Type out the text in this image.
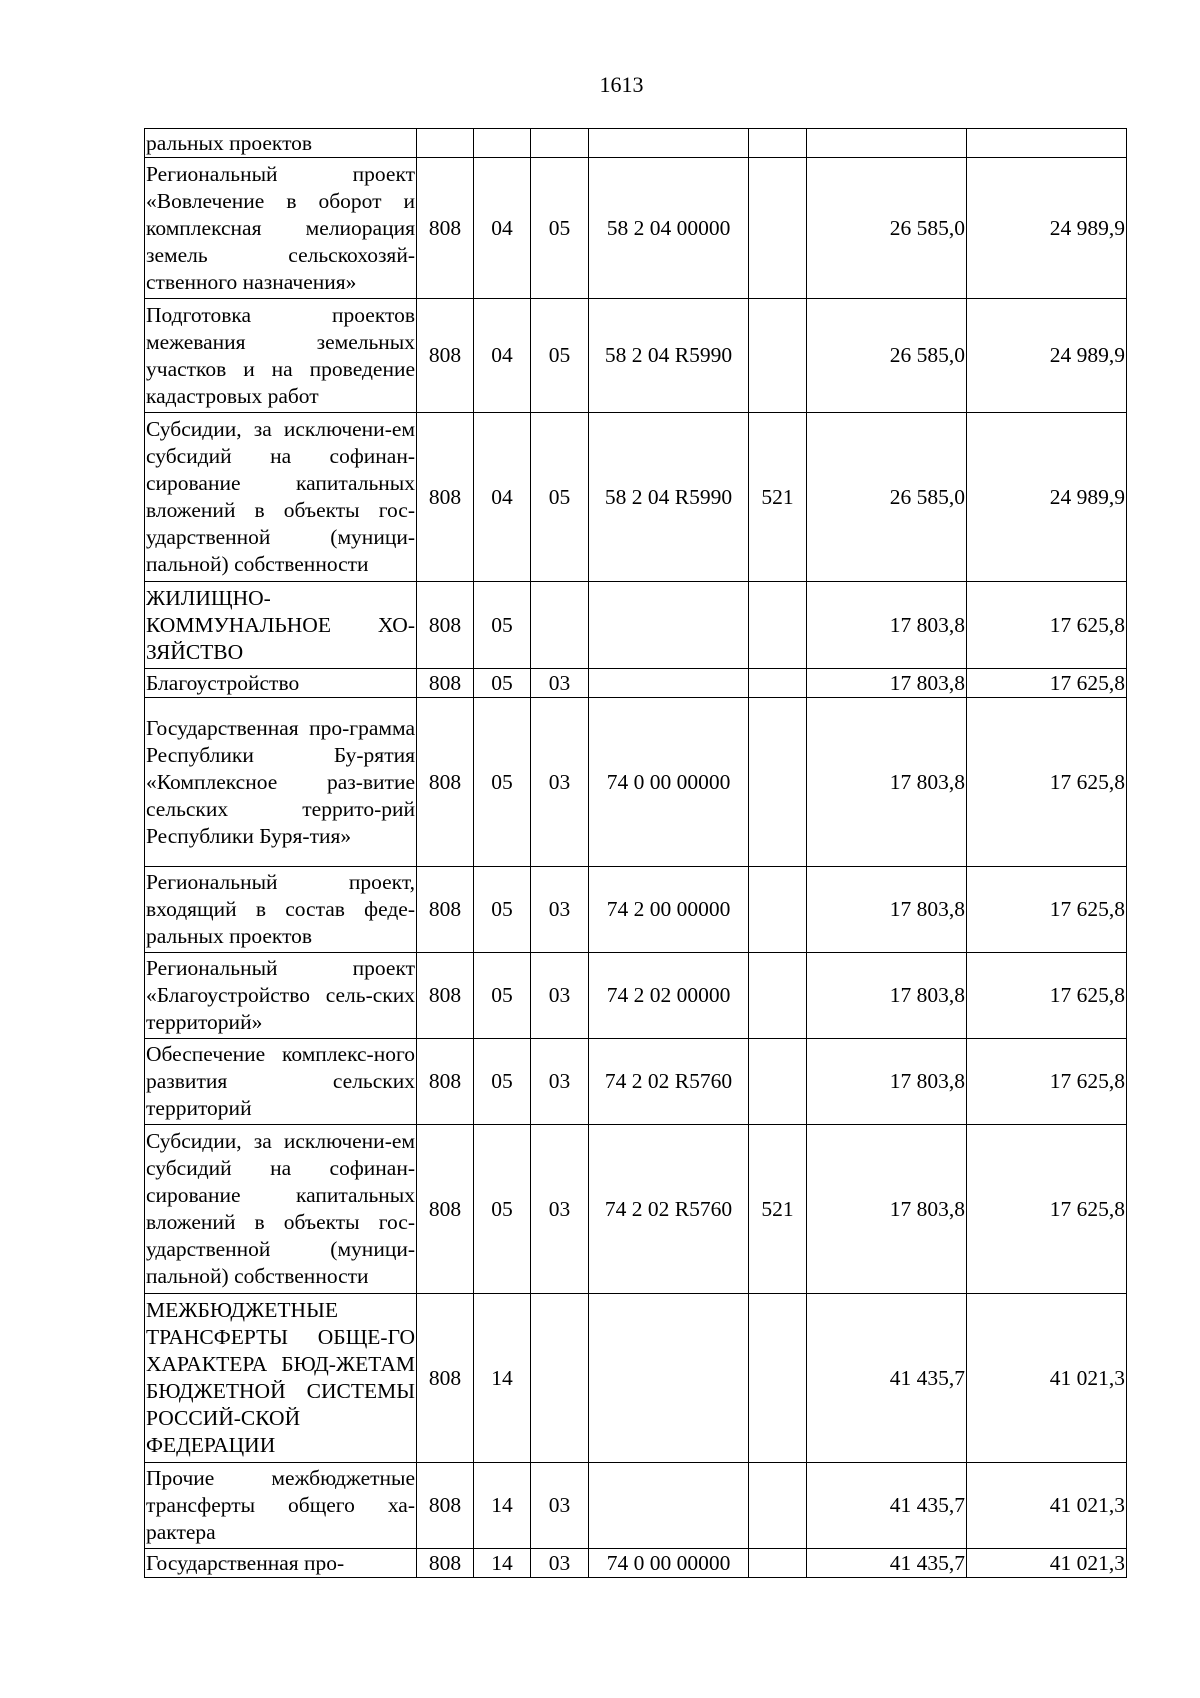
1613
ральных проектов							
Региональный проект «Вовлечение в оборот и комплексная мелиорация земель сельскохозяй-ственного назначения»	808	04	05	58 2 04 00000		26 585,0	24 989,9
Подготовка проектов межевания земельных участков и на проведение кадастровых работ	808	04	05	58 2 04 R5990		26 585,0	24 989,9
Субсидии, за исключени-ем субсидий на софинан-сирование капитальных вложений в объекты гос-ударственной (муници-пальной) собственности	808	04	05	58 2 04 R5990	521	26 585,0	24 989,9
ЖИЛИЩНО-КОММУНАЛЬНОЕ ХО-ЗЯЙСТВО	808	05				17 803,8	17 625,8
Благоустройство	808	05	03			17 803,8	17 625,8
Государственная про-грамма Республики Бу-рятия «Комплексное раз-витие сельских террито-рий Республики Буря-тия»	808	05	03	74 0 00 00000		17 803,8	17 625,8
Региональный проект, входящий в состав феде-ральных проектов	808	05	03	74 2 00 00000		17 803,8	17 625,8
Региональный проект «Благоустройство сель-ских территорий»	808	05	03	74 2 02 00000		17 803,8	17 625,8
Обеспечение комплекс-ного развития сельских территорий	808	05	03	74 2 02 R5760		17 803,8	17 625,8
Субсидии, за исключени-ем субсидий на софинан-сирование капитальных вложений в объекты гос-ударственной (муници-пальной) собственности	808	05	03	74 2 02 R5760	521	17 803,8	17 625,8
МЕЖБЮДЖЕТНЫЕ ТРАНСФЕРТЫ ОБЩЕ-ГО ХАРАКТЕРА БЮД-ЖЕТАМ БЮДЖЕТНОЙ СИСТЕМЫ РОССИЙ-СКОЙ ФЕДЕРАЦИИ	808	14				41 435,7	41 021,3
Прочие межбюджетные трансферты общего ха-рактера	808	14	03			41 435,7	41 021,3
Государственная про-	808	14	03	74 0 00 00000		41 435,7	41 021,3
